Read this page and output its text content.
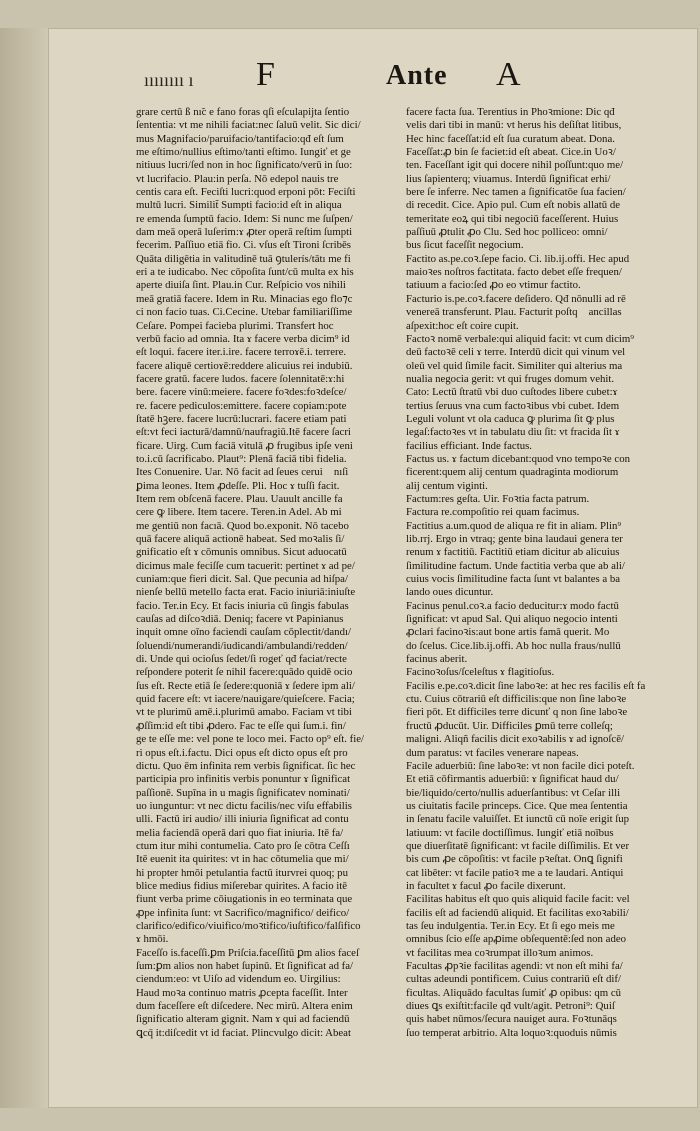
ıııııııı ı F	Ante A
grare certū ß nı̃c e fano foras qſi eſculapijta ſentio
ſententia: vt me nihili faciat:nec ſaluū velit. Sic dici/
mus Magnifacio/paruifacio/tantifacio:qđ eſt ſum
me eſtimo/nullius eſtimo/tanti eſtimo. Iungiť et ge
nitiuus lucri/ſed non in hoc ſignificato/verū in ſuo:
vt lucrifacio. Plau:in perſa. Nō edepol nauis tre
centis cara eſt. Feciſti lucri:quod erponi pōt: Feciſti
multū lucri. Similit̃ Sumpti facio:id eſt in aliqua
re emenda ſumptū facio. Idem: Si nunc me ſuſpen/
dam meā operā luſerim:ɤ ꝓter operā reſtim ſumpti
fecerim. Paſſiuo etiā fio. Ci. vſus eſt Tironi ſcribēs
Quāta diligētia in valitudinē tuā ꝯtulerís/tātı me fi
eri a te iudicabo. Nec cōpoſita ſunt/cū multa ex his
aperte diuiſa ſint. Plau.in Cur. Reſpicio vos nihili
meā gratiā facere. Idem in Ru. Minacias ego flo⁊c
ci non facio tuas. Ci.Cecine. Utebar familiariſſime
Ceſare. Pompei facieba plurimi. Transfert hoc
verbū facio ad omnia. Ita ɤ facere verba dicim⁹ id
eſt loqui. facere iter.i.ire. facere terroɤē.i. terrere.
facere aliquē certioɤē:reddere alicuius rei indubiū.
facere gratū. facere ludos. facere ſolennitatē:ɤ:hi
bere. facere vinū:meiere. facere foꝛdes:foꝛdeſce/
re. facere pediculos:emittere. facere copiam:pote
ſtatē hꝫere. facere lucrū:lucrari. facere etiam pati
eſt:vt feci iacturā/damnū/naufragiū.Itē facere ſacri
ficare. Uirg. Cum faciā vitulā ꝓ frugibus ipſe veni
to.i.cū ſacrificabo. Plaut⁹: Plenā faciā tibi fidelia.
Ites Conuenire. Uar. Nō facit ad ſeues cerui᷑ nıſi
ꝑima leones. Item ꝓdeſſe. Pli. Hoc ɤ tuſſi facit.
Item rem obſcenā facere. Plau. Uauult ancille fa
cere ꝙ libere. Item tacere. Teren.in Adel. Ab mi
me gentiū non facıā. Quod bo.exponit. Nō tacebo
quā facere aliquā actionē habeat. Sed moꝛalis ſi/
gnificatio eſt ɤ cōmunis omnibus. Sicut aduocatū
dicimus male feciſſe cum tacuerit: pertinet ɤ ad pe/
cuniam:que fieri dicit. Sal. Que pecunia ad hiſpa/
nienſe bellū metello facta erat. Facio iniuriā:iniuſte
facio. Ter.in Ecy. Et facis iniuria cū ſingis fabulas
cauſas ad diſcoꝛdiā. Deniq; facere vt Papinianus
inquit omne oīno faciendi cauſam cōplectit/dandı/
ſoluendi/numerandi/iudicandi/ambulandi/redden/
di. Unde qui ocioſus ſedet/ſi rogeť qđ faciat/recte
reſpondere poterit ſe nihil facere:quādo quidē ocio
ſus eſt. Recte etiā ſe ſedere:quoniā ɤ ſedere ipm ali/
quid facere eſt: vt iacere/nauigare/quieſcere. Facia;
vt te plurimū amē.i.plurimū amabo. Faciam vt tibi
ꝓſſim:id eſt tibi ꝓdero. Fac te eſſe qui ſum.i. fin/
ge te eſſe me: vel pone te loco mei. Facto op⁹ eſt. fie/
ri opus eſt.i.factu. Dici opus eſt dicto opus eſt pro
dictu. Quo ēm infinita rem verbis ſignificat. ſic hec
participia pro infinitis verbis ponuntur ɤ ſignificat
paſſionē. Supīna in u magis ſignificatev nominati/
uo iunguntur: vt nec dictu facilis/nec viſu effabilis
ulli. Factū iri audio/ illi iniuria ſignificat ad contu
melia faciendā operā dari quo fiat iniuria. Itē fa/
ctum itur mihi contumelia. Cato pro ſe cōtra Ceſſı
Itē euenit ita quirites: vt in hac cōtumelia que mi/
hi propter hmōi petulantia factū iturvrei quoq; pu
blice medius fidius miſerebar quirites. A facio itē
fiunt verba prime cōiugationis in eo terminata que
ꝓpe infinita ſunt: vt Sacrifico/magnifico/ deifico/
clarifico/edifico/viuifico/moꝛtifico/iuſtifico/falſifico
ɤ hmōi.
Faceſſo is.faceſſi.ꝑm Priſcia.faceſſitū ꝑm alios faceſ
ſum:ꝑm alios non habet ſupinū. Et ſignificat ad fa/
ciendum:eo: vt Uiſo ad videndum eo. Uirgilius:
Haud moꝛa continuo matris ꝓcepta faceſſit. Inter
dum faceſſere eſt diſcedere. Nec mirū. Altera enim
ſignificatio alteram gignit. Nam ɤ qui ad faciendū
ꝗcq̄ it:diſcedit vt id faciat. Plincvulgo dicit: Abeat
facere facta ſua. Terentius in Phoꝛmione: Dic qđ
velis dari tibi in manū: vt herus his deſiſtat litibus,
Hec hinc faceſſat:id eſt ſua curatum abeat. Dona.
Faceſſat:ꝓ bin ſe faciet:id eſt abeat. Cice.in Uoꝛ/
ten. Faceſſant igit qui docere nihil poſſunt:quo me/
lius ſapienterq; viuamus. Interdū ſignificat erhi/
bere ſe inferre. Nec tamen a ſignificatōe ſua facien/
di recedit. Cice. Apio pul. Cum eſt nobis allatū de
temeritate eoꝝ qui tibi negociū faceſſerent. Huius
paſſiuū ꝓtulit ꝓo Clu. Sed hoc polliceo: omni/
bus ſicut faceſſit negocium.
Factito as.pe.coꝛ.ſepe facio. Ci. lib.ij.offi. Hec apud
maioꝛes noſtros factitata. facto debet eſſe frequen/
tatiuum a facio:ſed ꝓo eo vtimur factito.
Facturio is.pe.coꝛ.facere deſidero. Qđ nōnulli ad rē
venereā transferunt. Plau. Facturit poſtqᷓ ancillas
aſpexit:hoc eſt coire cupit.
Factoꝛ nomē verbale:qui aliquid facit: vt cum dicim⁹
deū factoꝛē celi ɤ terre. Interdū dicit qui vinum vel
oleū vel quid ſimile facit. Similiter qui alterius ma
nualia negocia gerit: vt qui fruges domum vehit.
Cato: Lectū ſtratū vbi duo cuſtodes libere cubet:ɤ
tertius ſeruus vna cum factoꝛibus vbi cubet. Idem
Leguli volunt vt ola caduca ꝙ plurima ſit ꝙ plus
legaſ:factoꝛes vt in tabulatu diu ſit: vt fracida ſit ɤ
facilius efficiant. Inde factus.
Factus us. ɤ factum dicebant:quod vno tempoꝛe con
ficerent:quem alij centum quadraginta modiorum
alij centum viginti.
Factum:res geſta. Uir. Foꝛtia facta patrum.
Factura re.compoſitio rei quam facimus.
Factitius a.um.quod de aliqua re fit in aliam. Plin⁹
lib.rrj. Ergo in vtraq; gente bina laudaui genera ter
renum ɤ factitiū. Factitiū etiam dicitur ab alicuius
ſimilitudine factum. Unde factitia verba que ab ali/
cuius vocis ſimilitudine facta ſunt vt balantes a ba
lando oues dicuntur.
Facinus penul.coꝛ.a facio deducitur:ɤ modo factū
ſignificat: vt apud Sal. Qui aliquo negocio intenti
ꝓclari facinoꝛis:aut bone artis famā querit. Mo
do ſcelus. Cice.lib.ij.offi. Ab hoc nulla fraus/nullū
facinus aberit.
Facinoꝛoſus/ſceleſtus ɤ flagitioſus.
Facilis e.pe.coꝛ.dicit ſine laboꝛe: at hec res facilis eſt fa
ctu. Cuius cōtrariū eſt difficilis:que non ſine laboꝛe
fieri pōt. Et difficiles terre dicunť q non ſine laboꝛe
fructū ꝓducūt. Uir. Difficiles ꝑmū terre colleſq;
maligni. Aliqñ facilis dicit exoꝛabilis ɤ ad ignoſcē/
dum paratus: vt faciles venerare napeas.
Facile aduerbiū: ſine laboꝛe: vt non facile dici poteſt.
Et etiā cōfirmantis aduerbiū: ɤ ſignificat haud du/
bie/liquido/certo/nullis aduerſantibus: vt Ceſar illi
us ciuitatis facile princeps. Cice. Que mea ſententia
in ſenatu facile valuiſſet. Et iunctū cū noīe erigit ſup
latiuum: vt facile doctiſſimus. Iungiť etiā noībus
que diuerſitatē ſignificant: vt facile diſſimilis. Et ver
bis cum ꝓe cōpoſitis: vt facile pꝛeſtat. Onꝗ ſignifi
cat libēter: vt facile patioꝛ me a te laudari. Antiqui
in facultet ɤ facul ꝓo facile dixerunt.
Facilitas habitus eſt quo quis aliquid facile facit: vel
facilis eſt ad faciendū aliquid. Et facilitas exoꝛabili/
tas ſeu indulgentia. Ter.in Ecy. Et ſi ego meis me
omnibus ſcio eſſe apꝓime obſequentē:ſed non adeo
vt facilitas mea coꝛrumpat illoꝛum animos.
Facultas ꝓpꝛie facilitas agendi: vt non eſt mihi fa/
cultas adeundi pontificem. Cuius contrariū eſt dif/
ficultas. Aliquādo facultas ſumiť ꝓ opibus: qm cū
diues ꝗs exiſtit:facile qđ vult/agit. Petroni⁹: Quiſ
quis habet nūmos/ſecura nauiget aura. Foꝛtunāqs
ſuo temperat arbitrio. Alta loquoꝛ:quoduis nūmis
